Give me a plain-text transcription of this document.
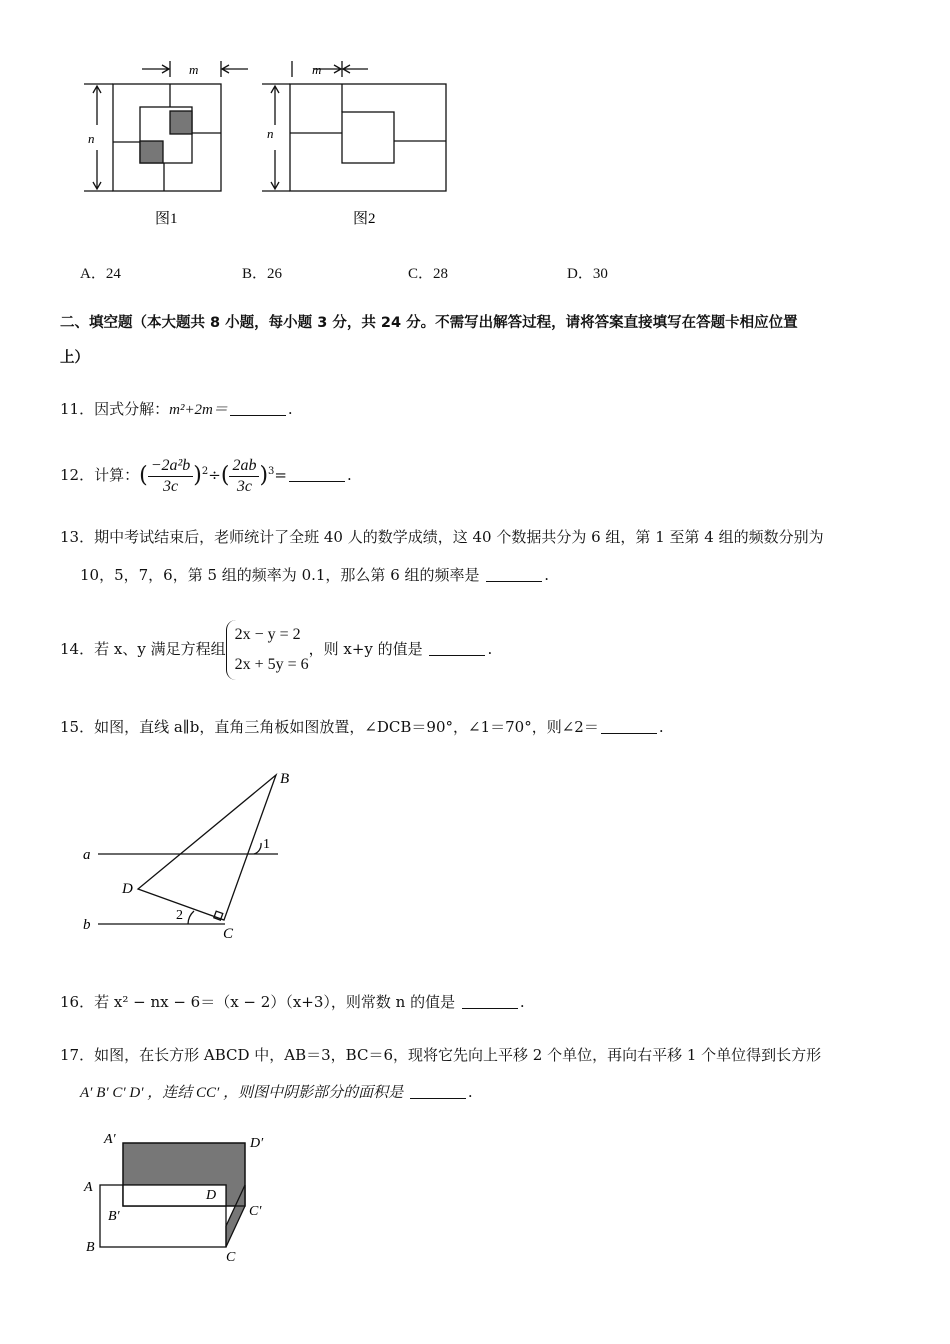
m
n
图1
m
n
图2
A．24	B．26	C．28	D．30
二、填空题（本大题共 8 小题，每小题 3 分，共 24 分。不需写出解答过程，请将答案直接填写在答题卡相应位置
上）
11．因式分解：m²+2m＝	.
12．计算：( $\frac{\text{−2a²b}}{3c} )^2\div( \frac{2ab}{3c} )^3=$	.
13．期中考试结束后，老师统计了全班 40 人的数学成绩，这 40 个数据共分为 6 组，第 1 至第 4 组的频数分别为
10，5，7，6，第 5 组的频率为 0.1，那么第 6 组的频率是	.
14．若 x、y 满足方程组
2x − y = 2
2x + 5y = 6
，则 x+y 的值是	.
15．如图，直线 a∥b，直角三角板如图放置，∠DCB＝90°，∠1＝70°，则∠2＝	.
B
a
b
D
C
1
2
16．若 x² − nx − 6＝（x − 2）（x+3），则常数 n 的值是	.
17．如图，在长方形 ABCD 中，AB＝3，BC＝6，现将它先向上平移 2 个单位，再向右平移 1 个单位得到长方形
A′ B′ C′ D′ ，连结 CC′ ，则图中阴影部分的面积是	.
A′	D′
A
D
B′	C′
B
C
